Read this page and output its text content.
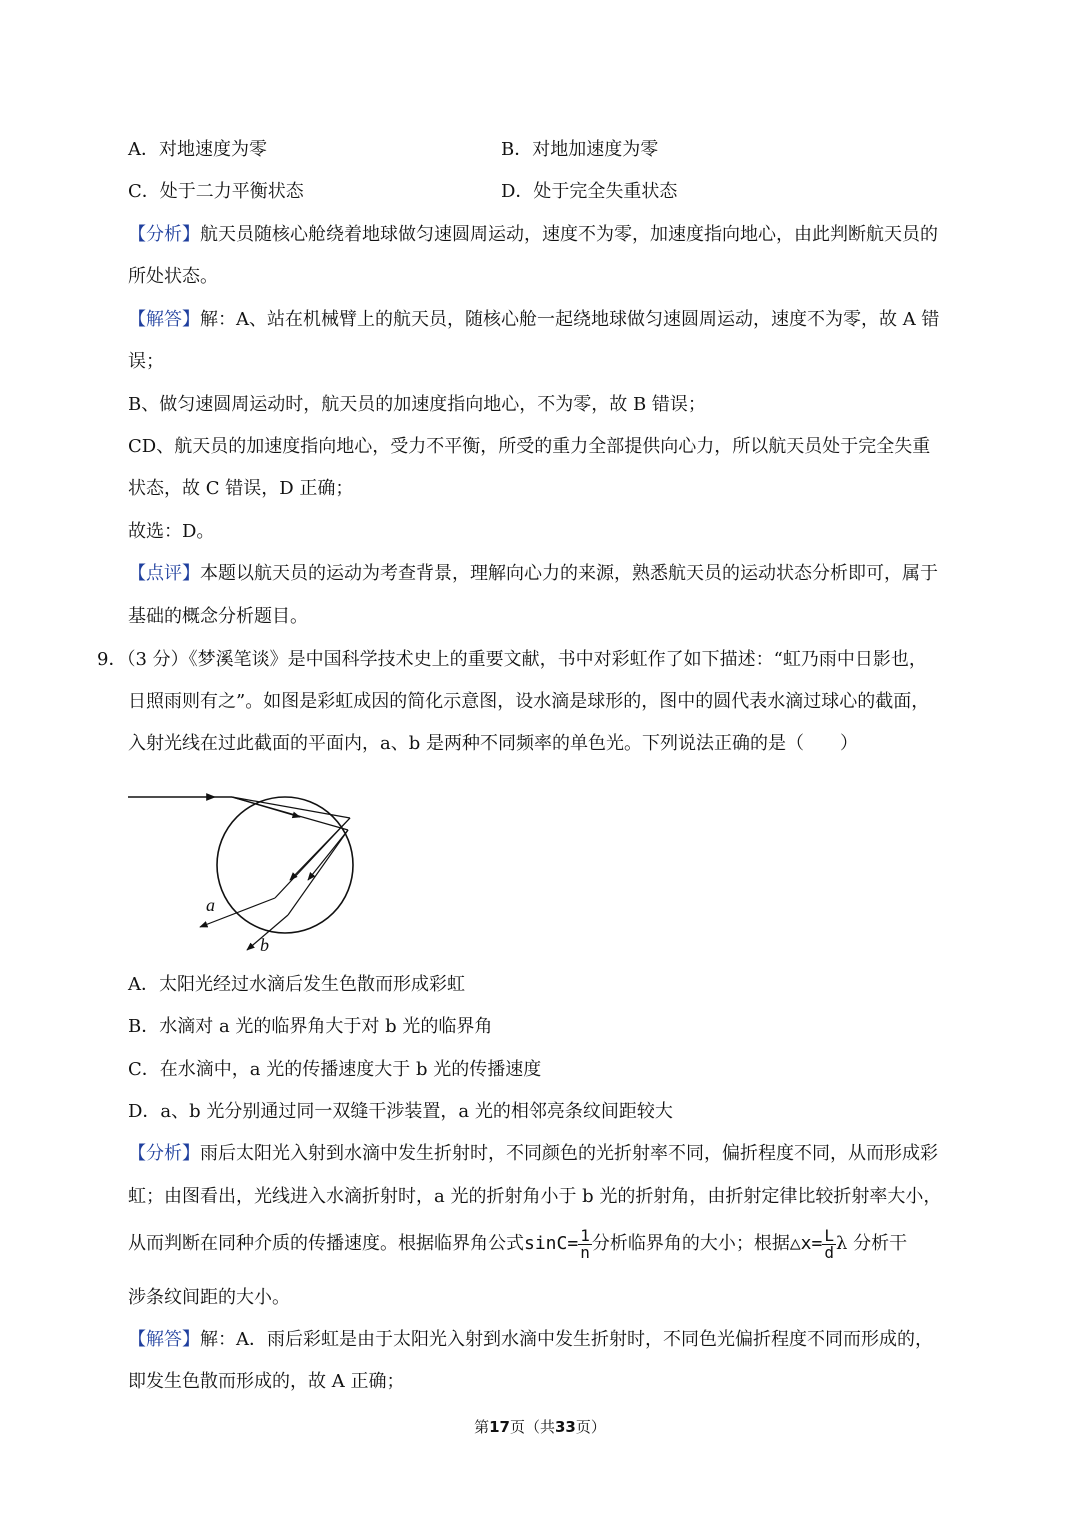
A．对地速度为零	B．对地加速度为零
C．处于二力平衡状态	D．处于完全失重状态
【分析】航天员随核心舱绕着地球做匀速圆周运动，速度不为零，加速度指向地心，由此判断航天员的
所处状态。
【解答】解：A、站在机械臂上的航天员，随核心舱一起绕地球做匀速圆周运动，速度不为零，故 A 错
误；
B、做匀速圆周运动时，航天员的加速度指向地心，不为零，故 B 错误；
CD、航天员的加速度指向地心，受力不平衡，所受的重力全部提供向心力，所以航天员处于完全失重
状态，故 C 错误，D 正确；
故选：D。
【点评】本题以航天员的运动为考查背景，理解向心力的来源，熟悉航天员的运动状态分析即可，属于
基础的概念分析题目。
9．（3 分）《梦溪笔谈》是中国科学技术史上的重要文献，书中对彩虹作了如下描述：“虹乃雨中日影也，
日照雨则有之”。如图是彩虹成因的简化示意图，设水滴是球形的，图中的圆代表水滴过球心的截面，
入射光线在过此截面的平面内，a、b 是两种不同频率的单色光。下列说法正确的是（　　）
a
b
A．太阳光经过水滴后发生色散而形成彩虹
B．水滴对 a 光的临界角大于对 b 光的临界角
C．在水滴中，a 光的传播速度大于 b 光的传播速度
D．a、b 光分别通过同一双缝干涉装置，a 光的相邻亮条纹间距较大
【分析】雨后太阳光入射到水滴中发生折射时，不同颜色的光折射率不同，偏折程度不同，从而形成彩
虹；由图看出，光线进入水滴折射时，a 光的折射角小于 b 光的折射角，由折射定律比较折射率大小，
从而判断在同种介质的传播速度。根据临界角公式$\sin C= \frac{1}{n}$ 分析临界角的大小；根据△x= $\frac{L}{d}$ λ 分析干
涉条纹间距的大小。
【解答】解：A．雨后彩虹是由于太阳光入射到水滴中发生折射时，不同色光偏折程度不同而形成的，
即发生色散而形成的，故 A 正确；
第17页（共33页）
